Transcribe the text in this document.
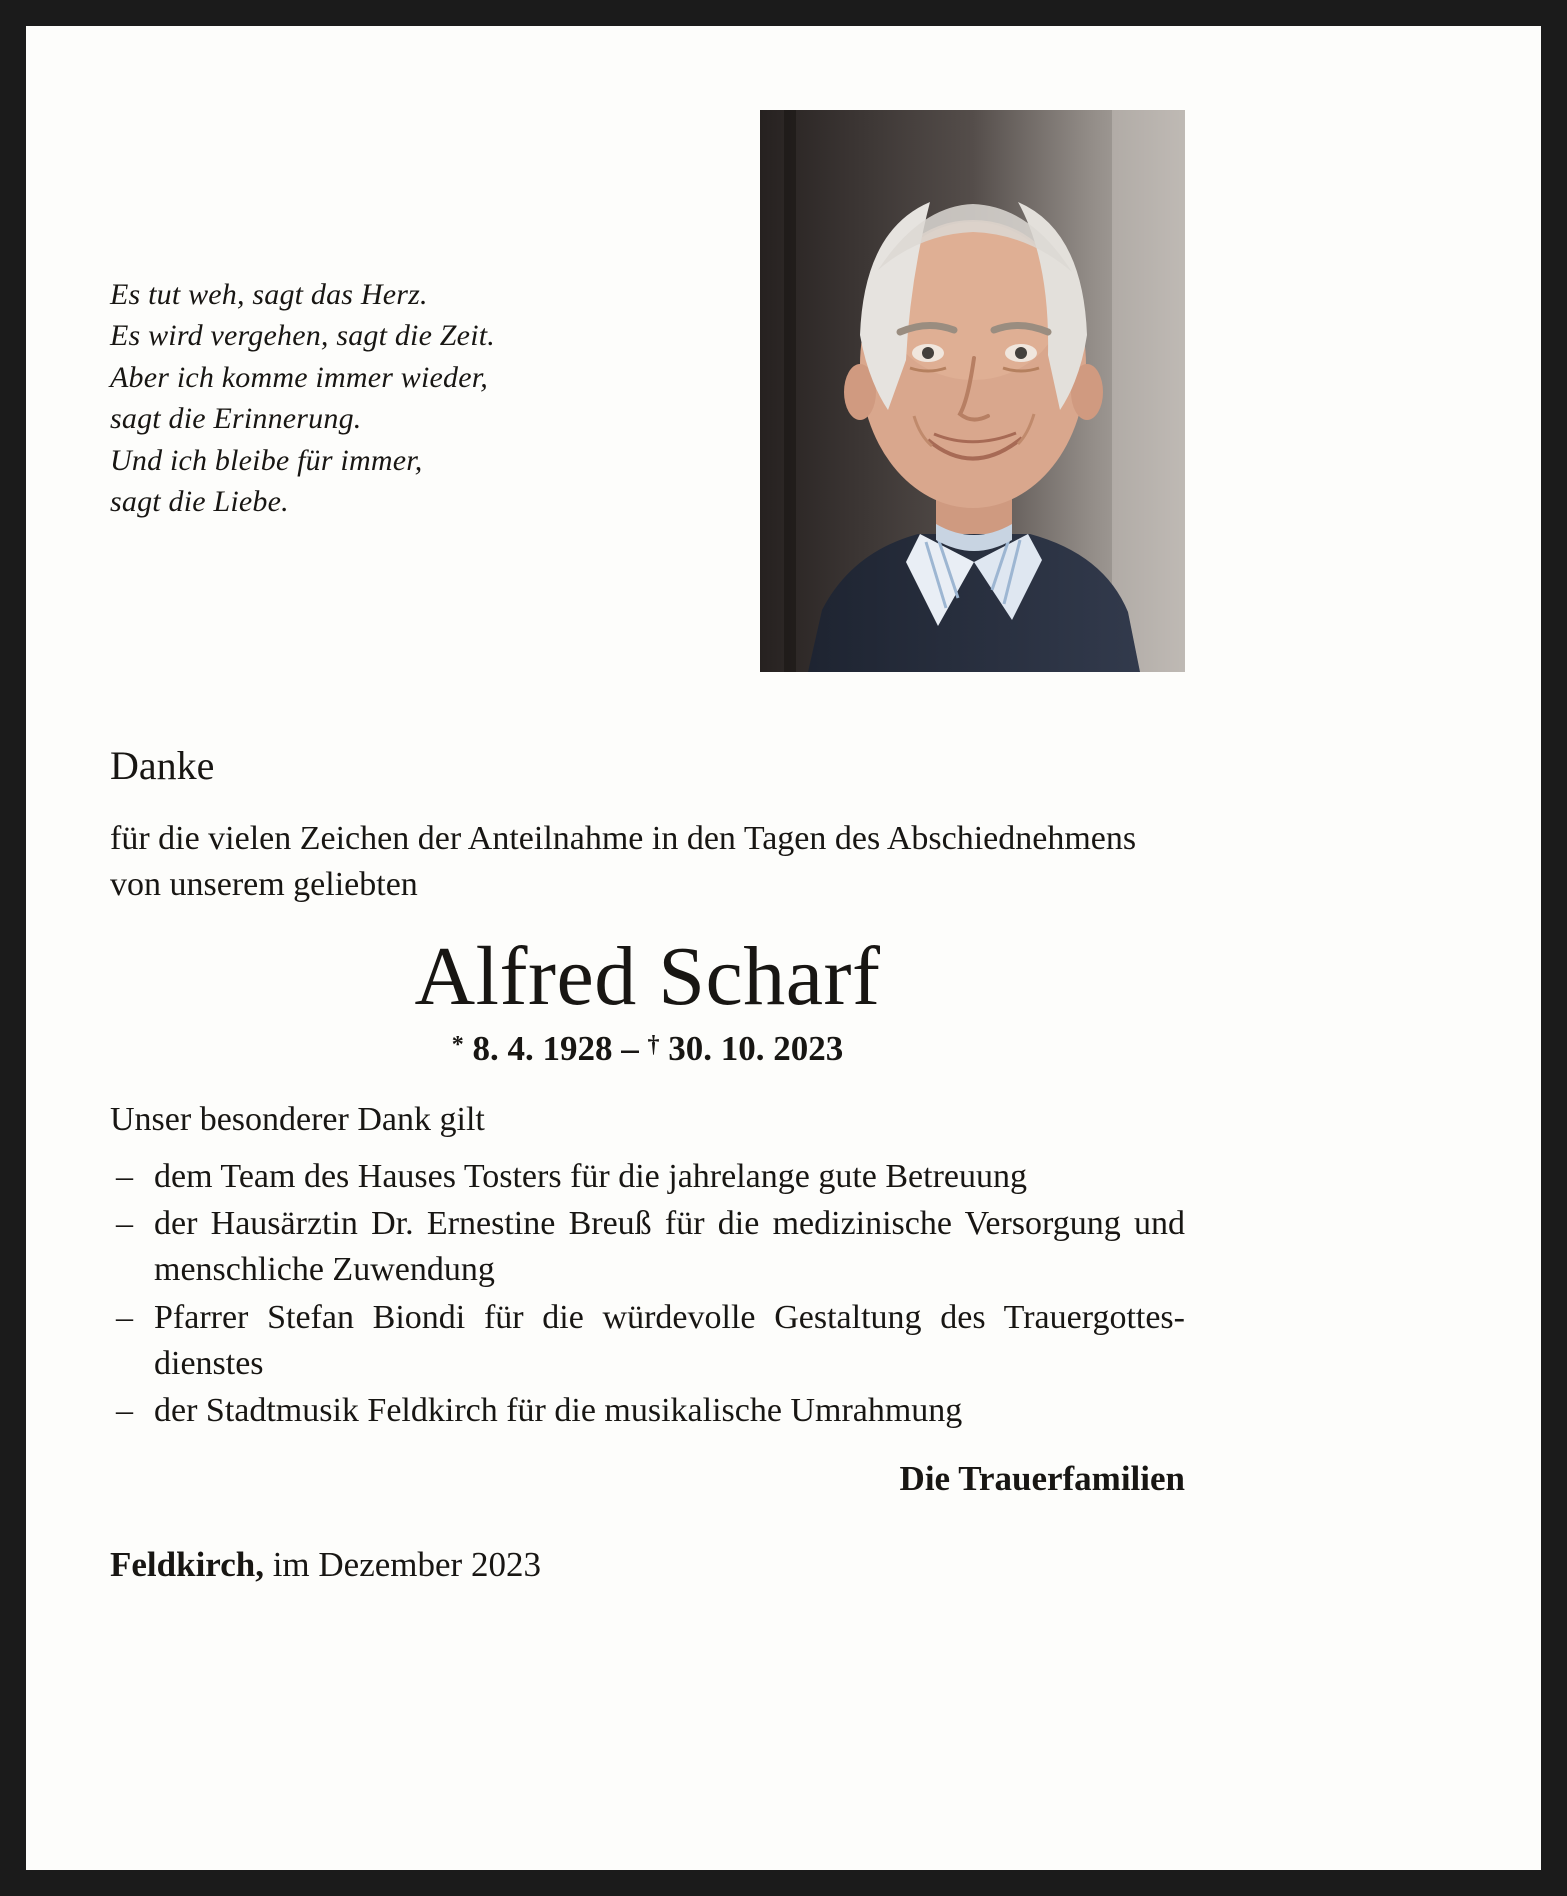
Es tut weh, sagt das Herz.
Es wird vergehen, sagt die Zeit.
Aber ich komme immer wieder,
sagt die Erinnerung.
Und ich bleibe für immer,
sagt die Liebe.
Danke

für die vielen Zeichen der Anteilnahme in den Tagen des Abschiednehmens von unserem geliebten

Alfred Scharf

* 8. 4. 1928 – † 30. 10. 2023

Unser besonderer Dank gilt

– dem Team des Hauses Tosters für die jahrelange gute Betreuung
– der Hausärztin Dr. Ernestine Breuß für die medizinische Versorgung und menschliche Zuwendung
– Pfarrer Stefan Biondi für die würdevolle Gestaltung des Trauergottesdienstes
– der Stadtmusik Feldkirch für die musikalische Umrahmung

Die Trauerfamilien

Feldkirch, im Dezember 2023
